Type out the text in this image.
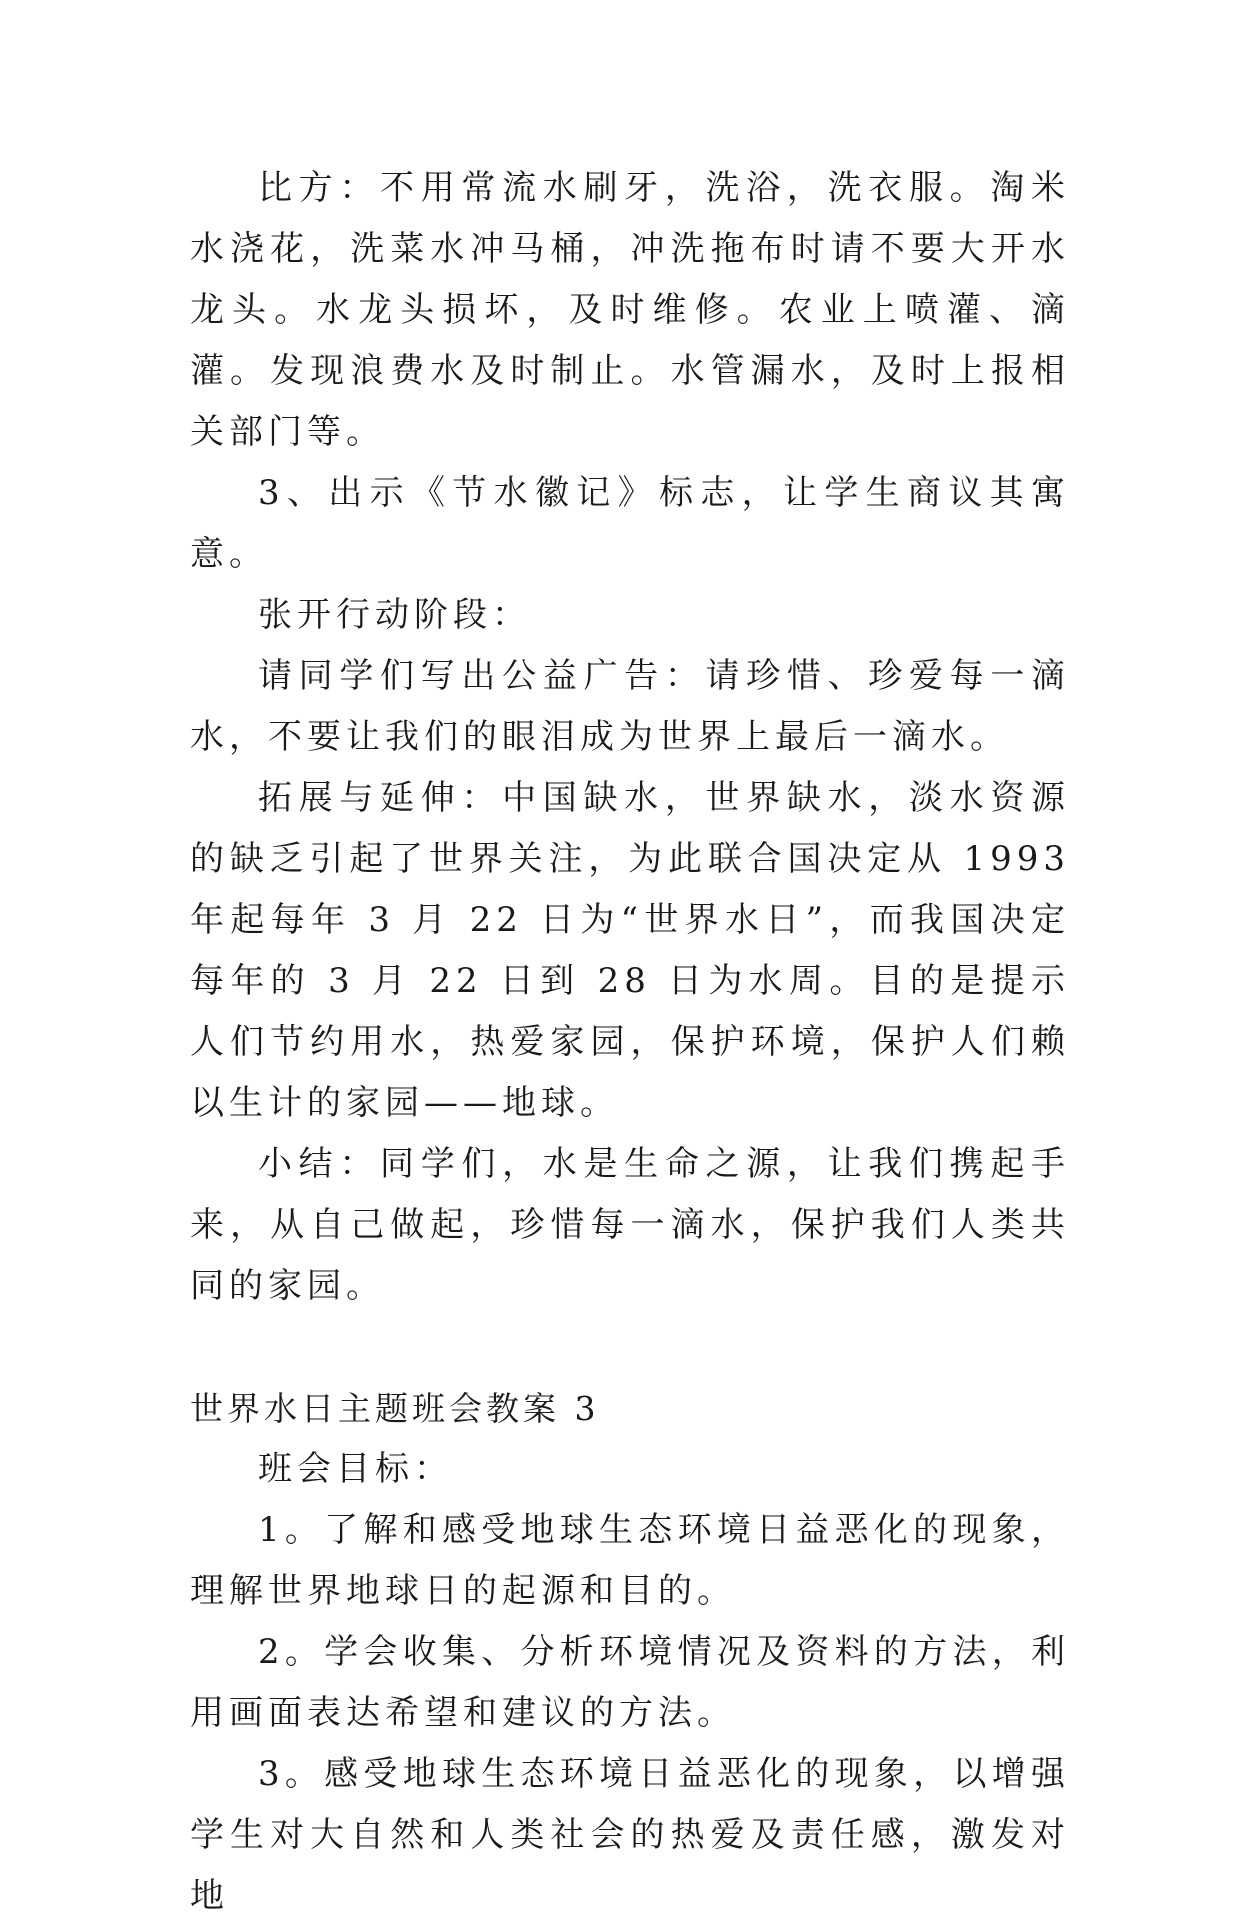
比方：不用常流水刷牙，洗浴，洗衣服。淘米水浇花，洗菜水冲马桶，冲洗拖布时请不要大开水龙头。水龙头损坏，及时维修。农业上喷灌、滴灌。发现浪费水及时制止。水管漏水，及时上报相关部门等。

3、出示《节水徽记》标志，让学生商议其寓意。

张开行动阶段：

请同学们写出公益广告：请珍惜、珍爱每一滴水，不要让我们的眼泪成为世界上最后一滴水。

拓展与延伸：中国缺水，世界缺水，淡水资源的缺乏引起了世界关注，为此联合国决定从 1993 年起每年 3 月 22 日为“世界水日”，而我国决定每年的 3 月 22 日到 28 日为水周。目的是提示人们节约用水，热爱家园，保护环境，保护人们赖以生计的家园——地球。

小结：同学们，水是生命之源，让我们携起手来，从自己做起，珍惜每一滴水，保护我们人类共同的家园。

世界水日主题班会教案 3

班会目标：

1。了解和感受地球生态环境日益恶化的现象，理解世界地球日的起源和目的。

2。学会收集、分析环境情况及资料的方法，利用画面表达希望和建议的方法。

3。感受地球生态环境日益恶化的现象，以增强学生对大自然和人类社会的热爱及责任感，激发对地
